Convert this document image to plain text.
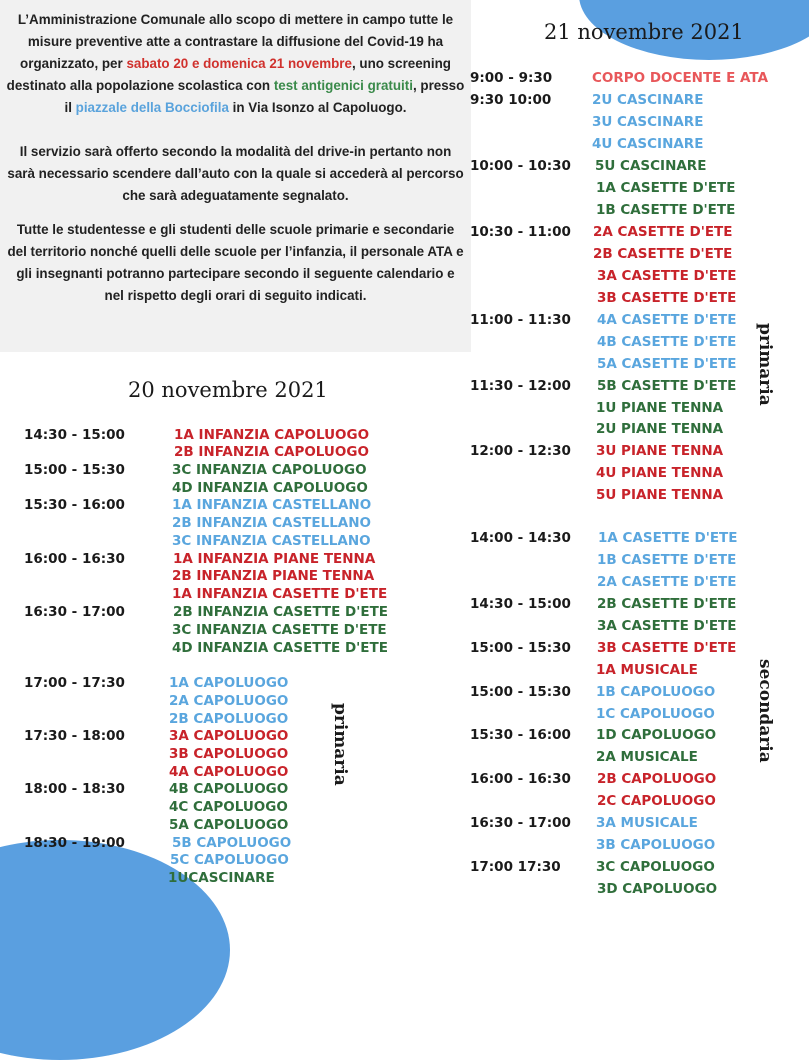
L’Amministrazione Comunale allo scopo di mettere in campo tutte le misure preventive atte a contrastare la diffusione del Covid-19 ha organizzato, per sabato 20 e domenica 21 novembre, uno screening destinato alla popolazione scolastica con test antigenici gratuiti, presso il piazzale della Bocciofila in Via Isonzo al Capoluogo.

Il servizio sarà offerto secondo la modalità del drive-in pertanto non sarà necessario scendere dall’auto con la quale si accederà al percorso che sarà adeguatamente segnalato.

Tutte le studentesse e gli studenti delle scuole primarie e secondarie del territorio nonché quelli delle scuole per l’infanzia, il personale ATA e gli insegnanti potranno partecipare secondo il seguente calendario e nel rispetto degli orari di seguito indicati.

20 novembre 2021
primaria
14:30 - 15:00
15:00 - 15:30
15:30 - 16:00
16:00 - 16:30
16:30 - 17:00
17:00 - 17:30
17:30 - 18:00
18:00 - 18:30
18:30 - 19:00
1A INFANZIA CAPOLUOGO
2B INFANZIA CAPOLUOGO
3C INFANZIA CAPOLUOGO
4D INFANZIA CAPOLUOGO
1A INFANZIA CASTELLANO
2B INFANZIA CASTELLANO
3C INFANZIA CASTELLANO
1A INFANZIA PIANE TENNA
2B INFANZIA PIANE TENNA
1A INFANZIA CASETTE D'ETE
2B INFANZIA CASETTE D'ETE
3C INFANZIA CASETTE D'ETE
4D INFANZIA CASETTE D'ETE
1A CAPOLUOGO
2A CAPOLUOGO
2B CAPOLUOGO
3A CAPOLUOGO
3B CAPOLUOGO
4A CAPOLUOGO
4B CAPOLUOGO
4C CAPOLUOGO
5A CAPOLUOGO
5B CAPOLUOGO
5C CAPOLUOGO
1UCASCINARE
21 novembre 2021
primaria
secondaria
9:00 - 9:30
9:30 10:00
10:00 - 10:30
10:30 - 11:00
11:00 - 11:30
11:30 - 12:00
12:00 - 12:30
14:00 - 14:30
14:30 - 15:00
15:00 - 15:30
15:00 - 15:30
15:30 - 16:00
16:00 - 16:30
16:30 - 17:00
17:00 17:30
CORPO DOCENTE E ATA
2U CASCINARE
3U CASCINARE
4U CASCINARE
5U CASCINARE
1A CASETTE D'ETE
1B CASETTE D'ETE
2A CASETTE D'ETE
2B CASETTE D'ETE
3A CASETTE D'ETE
3B CASETTE D'ETE
4A CASETTE D'ETE
4B CASETTE D'ETE
5A CASETTE D'ETE
5B CASETTE D'ETE
1U PIANE TENNA
2U PIANE TENNA
3U PIANE TENNA
4U PIANE TENNA
5U PIANE TENNA
1A CASETTE D'ETE
1B CASETTE D'ETE
2A CASETTE D'ETE
2B CASETTE D'ETE
3A CASETTE D'ETE
3B CASETTE D'ETE
1A MUSICALE
1B CAPOLUOGO
1C CAPOLUOGO
1D CAPOLUOGO
2A MUSICALE
2B CAPOLUOGO
2C CAPOLUOGO
3A MUSICALE
3B CAPOLUOGO
3C CAPOLUOGO
3D CAPOLUOGO
